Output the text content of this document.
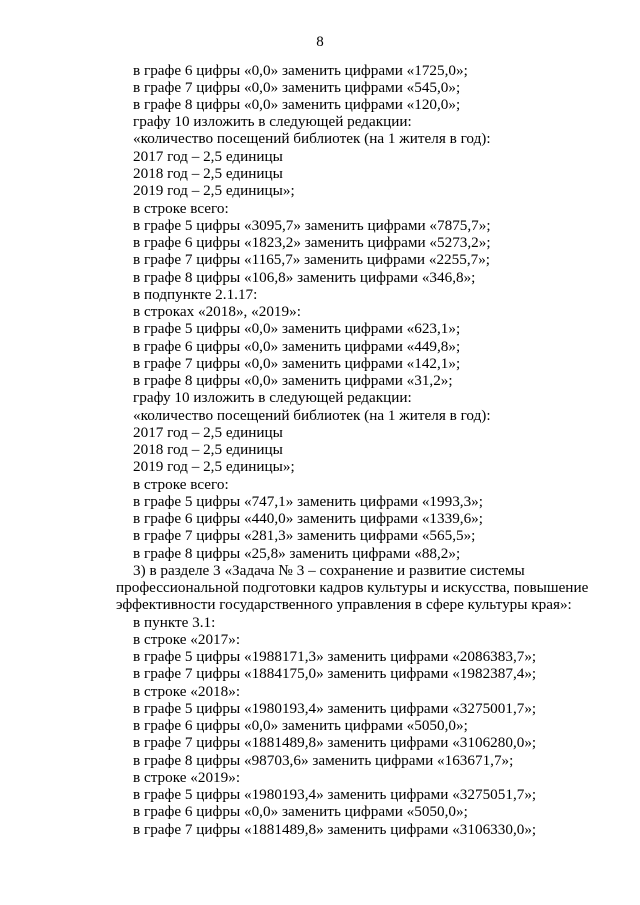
8
в графе 6 цифры «0,0» заменить цифрами «1725,0»;
в графе 7 цифры «0,0» заменить цифрами «545,0»;
в графе 8 цифры «0,0» заменить цифрами «120,0»;
графу 10 изложить в следующей редакции:
«количество посещений библиотек (на 1 жителя в год):
2017 год – 2,5 единицы
2018 год – 2,5 единицы
2019 год – 2,5 единицы»;
в строке всего:
в графе 5 цифры «3095,7» заменить цифрами «7875,7»;
в графе 6 цифры «1823,2» заменить цифрами «5273,2»;
в графе 7 цифры «1165,7» заменить цифрами «2255,7»;
в графе 8 цифры «106,8» заменить цифрами «346,8»;
в подпункте 2.1.17:
в строках «2018», «2019»:
в графе 5 цифры «0,0» заменить цифрами «623,1»;
в графе 6 цифры «0,0» заменить цифрами «449,8»;
в графе 7 цифры «0,0» заменить цифрами «142,1»;
в графе 8 цифры «0,0» заменить цифрами «31,2»;
графу 10 изложить в следующей редакции:
«количество посещений библиотек (на 1 жителя в год):
2017 год – 2,5 единицы
2018 год – 2,5 единицы
2019 год – 2,5 единицы»;
в строке всего:
в графе 5 цифры «747,1» заменить цифрами «1993,3»;
в графе 6 цифры «440,0» заменить цифрами «1339,6»;
в графе 7 цифры «281,3» заменить цифрами «565,5»;
в графе 8 цифры «25,8» заменить цифрами «88,2»;
3) в разделе 3 «Задача № 3 – сохранение и развитие системы
профессиональной подготовки кадров культуры и искусства, повышение
эффективности государственного управления в сфере культуры края»:
в пункте 3.1:
в строке «2017»:
в графе 5 цифры «1988171,3» заменить цифрами «2086383,7»;
в графе 7 цифры «1884175,0» заменить цифрами «1982387,4»;
в строке «2018»:
в графе 5 цифры «1980193,4» заменить цифрами «3275001,7»;
в графе 6 цифры «0,0» заменить цифрами «5050,0»;
в графе 7 цифры «1881489,8» заменить цифрами «3106280,0»;
в графе 8 цифры «98703,6» заменить цифрами «163671,7»;
в строке «2019»:
в графе 5 цифры «1980193,4» заменить цифрами «3275051,7»;
в графе 6 цифры «0,0» заменить цифрами «5050,0»;
в графе 7 цифры «1881489,8» заменить цифрами «3106330,0»;
